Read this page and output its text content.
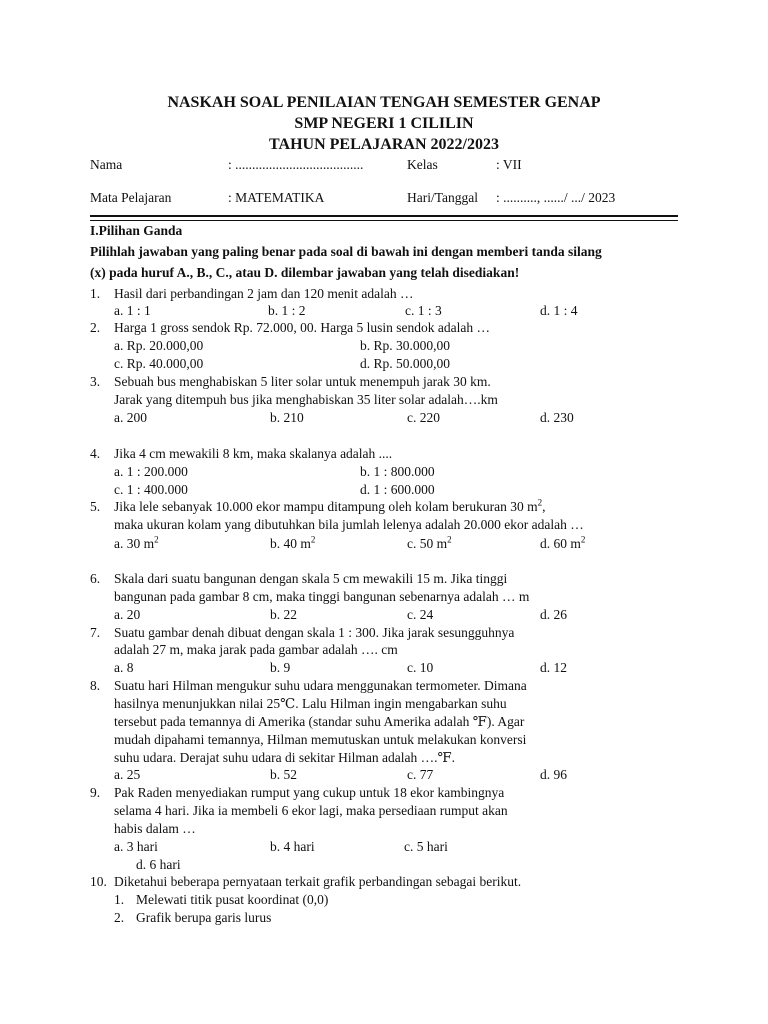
NASKAH SOAL PENILAIAN TENGAH SEMESTER GENAP
SMP NEGERI 1 CILILIN
TAHUN PELAJARAN 2022/2023
Nama	: ......................................	Kelas	: VII
Mata Pelajaran	: MATEMATIKA	Hari/Tanggal : .........., ....../ .../ 2023
I.Pilihan Ganda
Pilihlah jawaban yang paling benar pada soal di bawah ini dengan memberi tanda silang
(x) pada huruf A., B., C., atau D. dilembar jawaban yang telah disediakan!
1. Hasil dari perbandingan 2 jam dan 120 menit adalah …
a. 1 : 1	b. 1 : 2	c. 1 : 3	d. 1 : 4
2. Harga 1 gross sendok Rp. 72.000, 00. Harga 5 lusin sendok adalah …
a. Rp. 20.000,00	b. Rp. 30.000,00
c. Rp. 40.000,00	d. Rp. 50.000,00
3. Sebuah bus menghabiskan 5 liter solar untuk menempuh jarak 30 km.
Jarak yang ditempuh bus jika menghabiskan 35 liter solar adalah….km
a. 200	b. 210	c. 220	d. 230
4. Jika 4 cm mewakili 8 km, maka skalanya adalah ....
a. 1 : 200.000	b. 1 : 800.000
c. 1 : 400.000	d. 1 : 600.000
5. Jika lele sebanyak 10.000 ekor mampu ditampung oleh kolam berukuran 30 $m^2$,
maka ukuran kolam yang dibutuhkan bila jumlah lelenya adalah 20.000 ekor adalah …
a. 30 $m^2$	b. 40 $m^2$	c. 50 $m^2$	d. 60 $m^2$
6. Skala dari suatu bangunan dengan skala 5 cm mewakili 15 m. Jika tinggi
bangunan pada gambar 8 cm, maka tinggi bangunan sebenarnya adalah … m
a. 20	b. 22	c. 24	d. 26
7. Suatu gambar denah dibuat dengan skala 1 : 300. Jika jarak sesungguhnya
adalah 27 m, maka jarak pada gambar adalah …. cm
a. 8	b. 9	c. 10	d. 12
8. Suatu hari Hilman mengukur suhu udara menggunakan termometer. Dimana
hasilnya menunjukkan nilai 25℃. Lalu Hilman ingin mengabarkan suhu
tersebut pada temannya di Amerika (standar suhu Amerika adalah ℉). Agar
mudah dipahami temannya, Hilman memutuskan untuk melakukan konversi
suhu udara. Derajat suhu udara di sekitar Hilman adalah ….℉.
a. 25	b. 52	c. 77	d. 96
9. Pak Raden menyediakan rumput yang cukup untuk 18 ekor kambingnya
selama 4 hari. Jika ia membeli 6 ekor lagi, maka persediaan rumput akan
habis dalam …
a. 3 hari	b. 4 hari	c. 5 hari
d. 6 hari
10. Diketahui beberapa pernyataan terkait grafik perbandingan sebagai berikut.
1. Melewati titik pusat koordinat (0,0)
2. Grafik berupa garis lurus
